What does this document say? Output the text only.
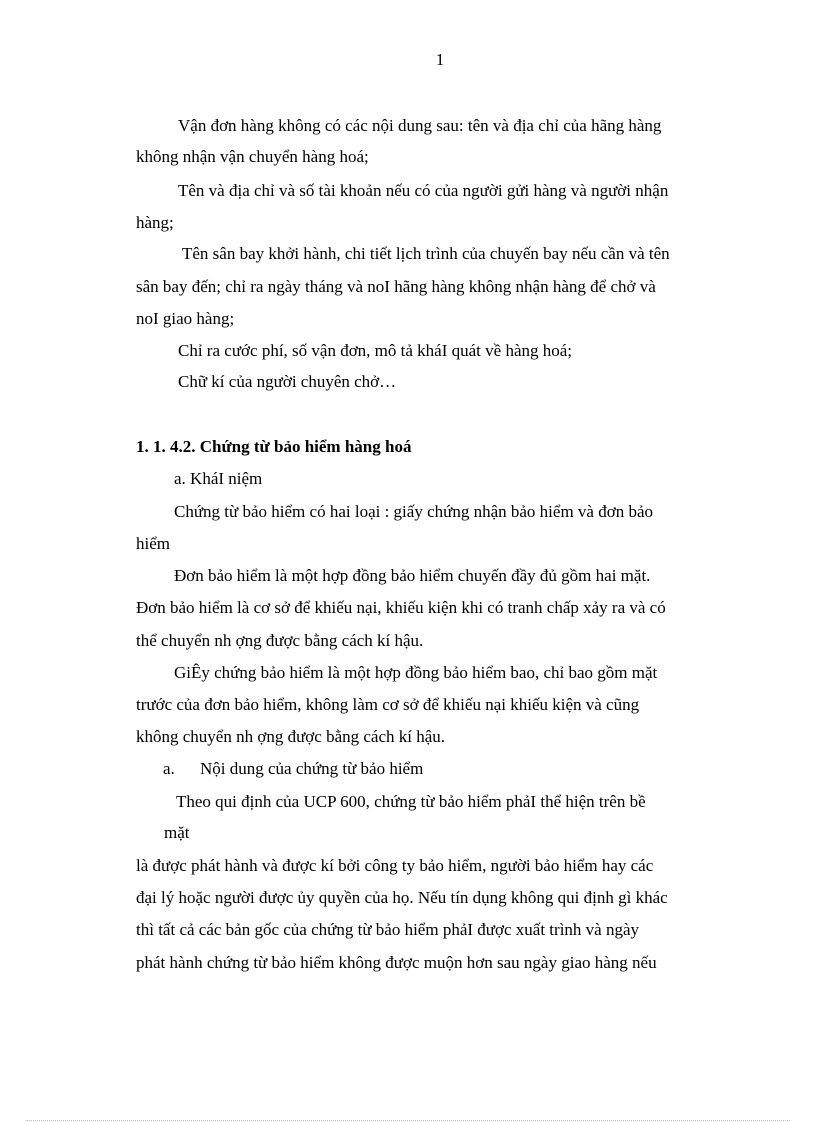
1
Vận đơn hàng không có các nội dung sau: tên và địa chỉ của hãng hàng
không nhận vận chuyển hàng hoá;
Tên và địa chỉ và số tài khoản nếu có của người gửi hàng và người nhận
hàng;
Tên sân bay khởi hành, chi tiết lịch trình của chuyến bay nếu cần và tên
sân bay đến; chỉ ra ngày tháng và noI hãng hàng không nhận hàng để chở và
noI giao hàng;
Chỉ ra cước phí, số vận đơn, mô tả kháI quát về hàng hoá;
Chữ kí của người chuyên chở…
1. 1. 4.2. Chứng từ bảo hiểm hàng hoá
a. KháI niệm
Chứng từ bảo hiểm có hai loại : giấy chứng nhận bảo hiểm và đơn bảo
hiểm
Đơn bảo hiểm là một hợp đồng bảo hiểm chuyến đầy đủ gồm hai mặt.
Đơn bảo hiểm là cơ sở để khiếu nại, khiếu kiện khi có tranh chấp xảy ra và có
thể chuyển nh ợng được bằng cách kí hậu.
GiÊy chứng bảo hiểm là một hợp đồng bảo hiểm bao, chỉ bao gồm mặt
trước của đơn bảo hiểm, không làm cơ sở để khiếu nại khiếu kiện và cũng
không chuyển nh ợng được bằng cách kí hậu.
a. Nội dung của chứng từ bảo hiểm
Theo qui định của UCP 600, chứng từ bảo hiểm phảI thể hiện trên bề
mặt
là được phát hành và được kí bởi công ty bảo hiểm, người bảo hiểm hay các
đại lý hoặc người được ủy quyền của họ. Nếu tín dụng không qui định gì khác
thì tất cả các bản gốc của chứng từ bảo hiểm phảI được xuất trình và ngày
phát hành chứng từ bảo hiểm không được muộn hơn sau ngày giao hàng nếu
